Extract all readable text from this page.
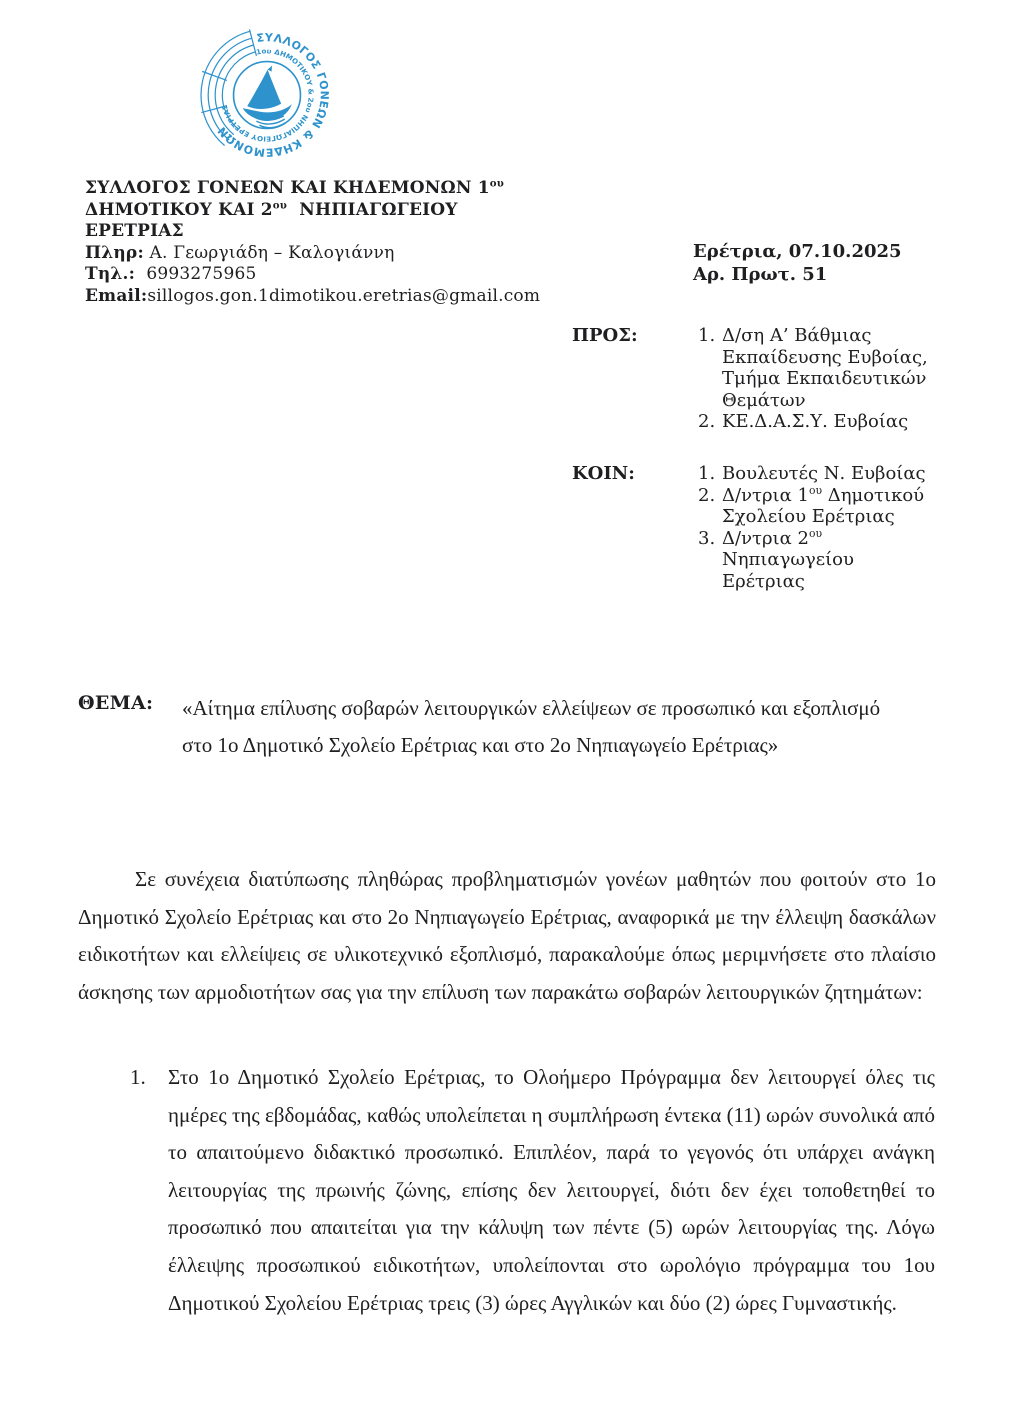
ΣΥΛΛΟΓΟΣ ΓΟΝΕΩΝ & ΚΗΔΕΜΟΝΩΝ
1ου ΔΗΜΟΤΙΚΟΥ & 2ου ΝΗΠΙΑΓΩΓΕΙΟΥ ΕΡΕΤΡΙΑΣ
ΣΥΛΛΟΓΟΣ ΓΟΝΕΩΝ ΚΑΙ ΚΗΔΕΜΟΝΩΝ $1^{o\upsilon}$
ΔΗΜΟΤΙΚΟΥ ΚΑΙ $2^{o\upsilon}$  ΝΗΠΙΑΓΩΓΕΙΟΥ
ΕΡΕΤΡΙΑΣ
Πληρ: Α. Γεωργιάδη – Καλογιάννη
Τηλ.:  6993275965
Email:sillogos.gon.1dimotikou.eretrias@gmail.com
Ερέτρια, 07.10.2025
Αρ. Πρωτ. 51
ΠΡΟΣ:	1. Δ/ση Α’ Βάθμιας Εκπαίδευσης Ευβοίας, Τμήμα Εκπαιδευτικών Θεμάτων
2. ΚΕ.Δ.Α.Σ.Υ. Ευβοίας
ΚΟΙΝ:	1. Βουλευτές Ν. Ευβοίας
2. Δ/ντρια $1^{o\upsilon}$ Δημοτικού Σχολείου Ερέτριας
3. Δ/ντρια $2^{o\upsilon}$ Νηπιαγωγείου Ερέτριας
ΘΕΜΑ: «Αίτημα επίλυσης σοβαρών λειτουργικών ελλείψεων σε προσωπικό και εξοπλισμό στο 1ο Δημοτικό Σχολείο Ερέτριας και στο 2ο Νηπιαγωγείο Ερέτριας»
Σε συνέχεια διατύπωσης πληθώρας προβληματισμών γονέων μαθητών που φοιτούν στο 1ο Δημοτικό Σχολείο Ερέτριας και στο 2ο Νηπιαγωγείο Ερέτριας, αναφορικά με την έλλειψη δασκάλων ειδικοτήτων και ελλείψεις σε υλικοτεχνικό εξοπλισμό, παρακαλούμε όπως μεριμνήσετε στο πλαίσιο άσκησης των αρμοδιοτήτων σας για την επίλυση των παρακάτω σοβαρών λειτουργικών ζητημάτων:
1.	Στο 1ο Δημοτικό Σχολείο Ερέτριας, το Ολοήμερο Πρόγραμμα δεν λειτουργεί όλες τις ημέρες της εβδομάδας, καθώς υπολείπεται η συμπλήρωση έντεκα (11) ωρών συνολικά από το απαιτούμενο διδακτικό προσωπικό. Επιπλέον, παρά το γεγονός ότι υπάρχει ανάγκη λειτουργίας της πρωινής ζώνης, επίσης δεν λειτουργεί, διότι δεν έχει τοποθετηθεί το προσωπικό που απαιτείται για την κάλυψη των πέντε (5) ωρών λειτουργίας της. Λόγω έλλειψης προσωπικού ειδικοτήτων, υπολείπονται στο ωρολόγιο πρόγραμμα του 1ου Δημοτικού Σχολείου Ερέτριας τρεις (3) ώρες Αγγλικών και δύο (2) ώρες Γυμναστικής.
